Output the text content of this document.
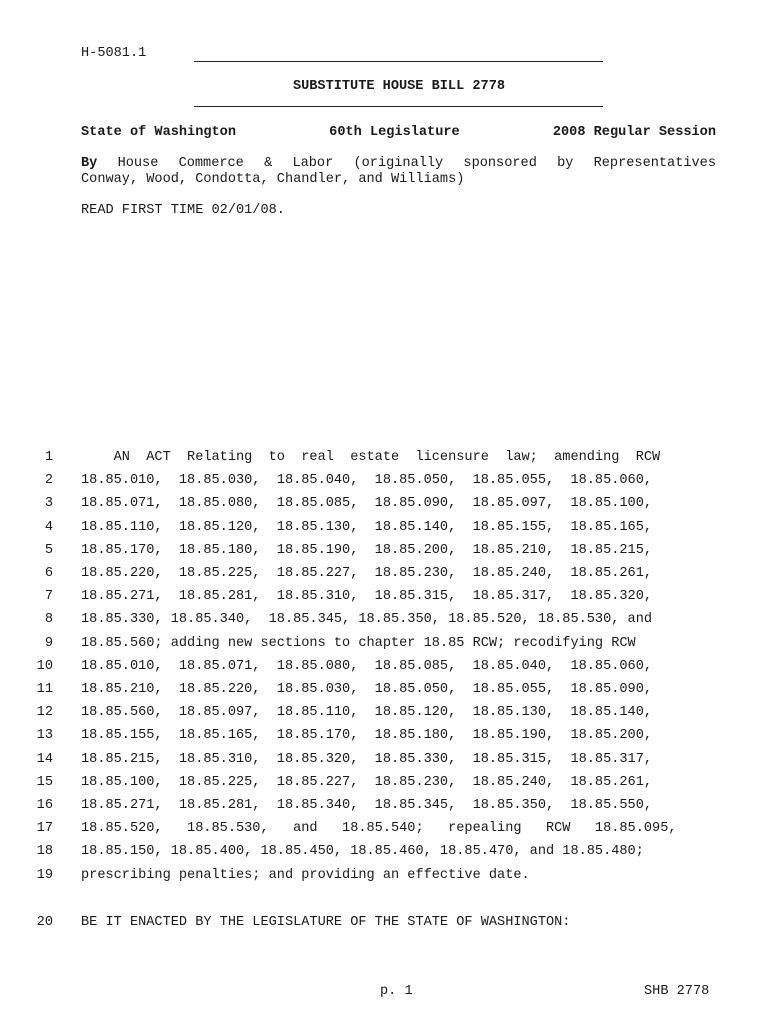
H-5081.1
SUBSTITUTE HOUSE BILL 2778
State of Washington	60th Legislature	2008 Regular Session
By House Commerce & Labor (originally sponsored by Representatives
Conway, Wood, Condotta, Chandler, and Williams)
READ FIRST TIME 02/01/08.
1 AN  ACT  Relating  to  real  estate  licensure  law;  amending  RCW
2 18.85.010,  18.85.030,  18.85.040,  18.85.050,  18.85.055,  18.85.060,
3 18.85.071,  18.85.080,  18.85.085,  18.85.090,  18.85.097,  18.85.100,
4 18.85.110,  18.85.120,  18.85.130,  18.85.140,  18.85.155,  18.85.165,
5 18.85.170,  18.85.180,  18.85.190,  18.85.200,  18.85.210,  18.85.215,
6 18.85.220,  18.85.225,  18.85.227,  18.85.230,  18.85.240,  18.85.261,
7 18.85.271,  18.85.281,  18.85.310,  18.85.315,  18.85.317,  18.85.320,
8 18.85.330, 18.85.340,  18.85.345, 18.85.350, 18.85.520, 18.85.530, and
9 18.85.560; adding new sections to chapter 18.85 RCW; recodifying RCW
10 18.85.010,  18.85.071,  18.85.080,  18.85.085,  18.85.040,  18.85.060,
11 18.85.210,  18.85.220,  18.85.030,  18.85.050,  18.85.055,  18.85.090,
12 18.85.560,  18.85.097,  18.85.110,  18.85.120,  18.85.130,  18.85.140,
13 18.85.155,  18.85.165,  18.85.170,  18.85.180,  18.85.190,  18.85.200,
14 18.85.215,  18.85.310,  18.85.320,  18.85.330,  18.85.315,  18.85.317,
15 18.85.100,  18.85.225,  18.85.227,  18.85.230,  18.85.240,  18.85.261,
16 18.85.271,  18.85.281,  18.85.340,  18.85.345,  18.85.350,  18.85.550,
17 18.85.520,   18.85.530,   and   18.85.540;   repealing   RCW   18.85.095,
18 18.85.150, 18.85.400, 18.85.450, 18.85.460, 18.85.470, and 18.85.480;
19 prescribing penalties; and providing an effective date.
20 BE IT ENACTED BY THE LEGISLATURE OF THE STATE OF WASHINGTON:
p. 1	SHB 2778
